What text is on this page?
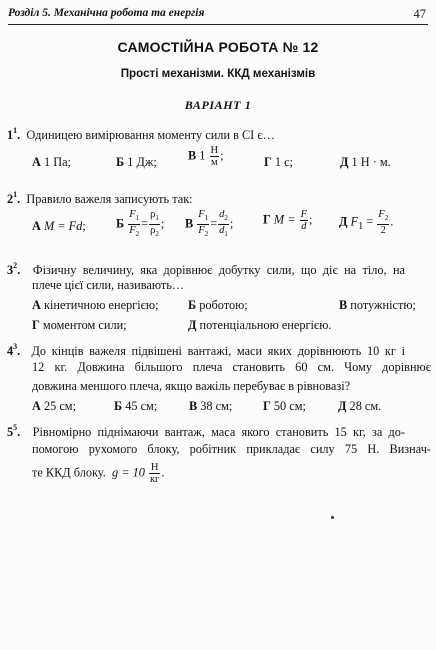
Розділ 5. Механічна робота та енергія	47
САМОСТІЙНА РОБОТА № 12
Прості механізми. ККД механізмів
ВАРІАНТ 1
$1^1$. Одиницею вимірювання моменту сили в СІ є…
А 1 Па;	Б 1 Дж;	В $1 \frac{Н}{м}$ ;	Г 1 с;	Д 1 Н · м.
$2^1$. Правило важеля записують так:
А M = Fd; Б $\frac{F_1}{F_2} = \frac{\rho_1}{\rho_2}$ ; В $\frac{F_1}{F_2} = \frac{d_2}{d_1}$ ; Г $M = \frac{F}{d}$ ; Д $F_1 = \frac{F_2}{2}$ .
$3^2$. Фізичну величину, яка дорівнює добутку сили, що діє на тіло, на
плече цієї сили, називають…
А кінетичною енергією; Б роботою;	В потужністю;
Г моментом сили;	Д потенціальною енергією.
$4^3$. До кінців важеля підвішені вантажі, маси яких дорівнюють 10 кг і
12 кг. Довжина більшого плеча становить 60 см. Чому дорівнює
довжина меншого плеча, якщо важіль перебуває в рівновазі?
А 25 см;	Б 45 см;	В 38 см; Г 50 см;	Д 28 см.
$5^5$. Рівномірно піднімаючи вантаж, маса якого становить 15 кг, за до-
помогою рухомого блоку, робітник прикладає силу 75 Н. Визнач-
те ККД блоку. $g = 10 \frac{Н}{кг}$ .
